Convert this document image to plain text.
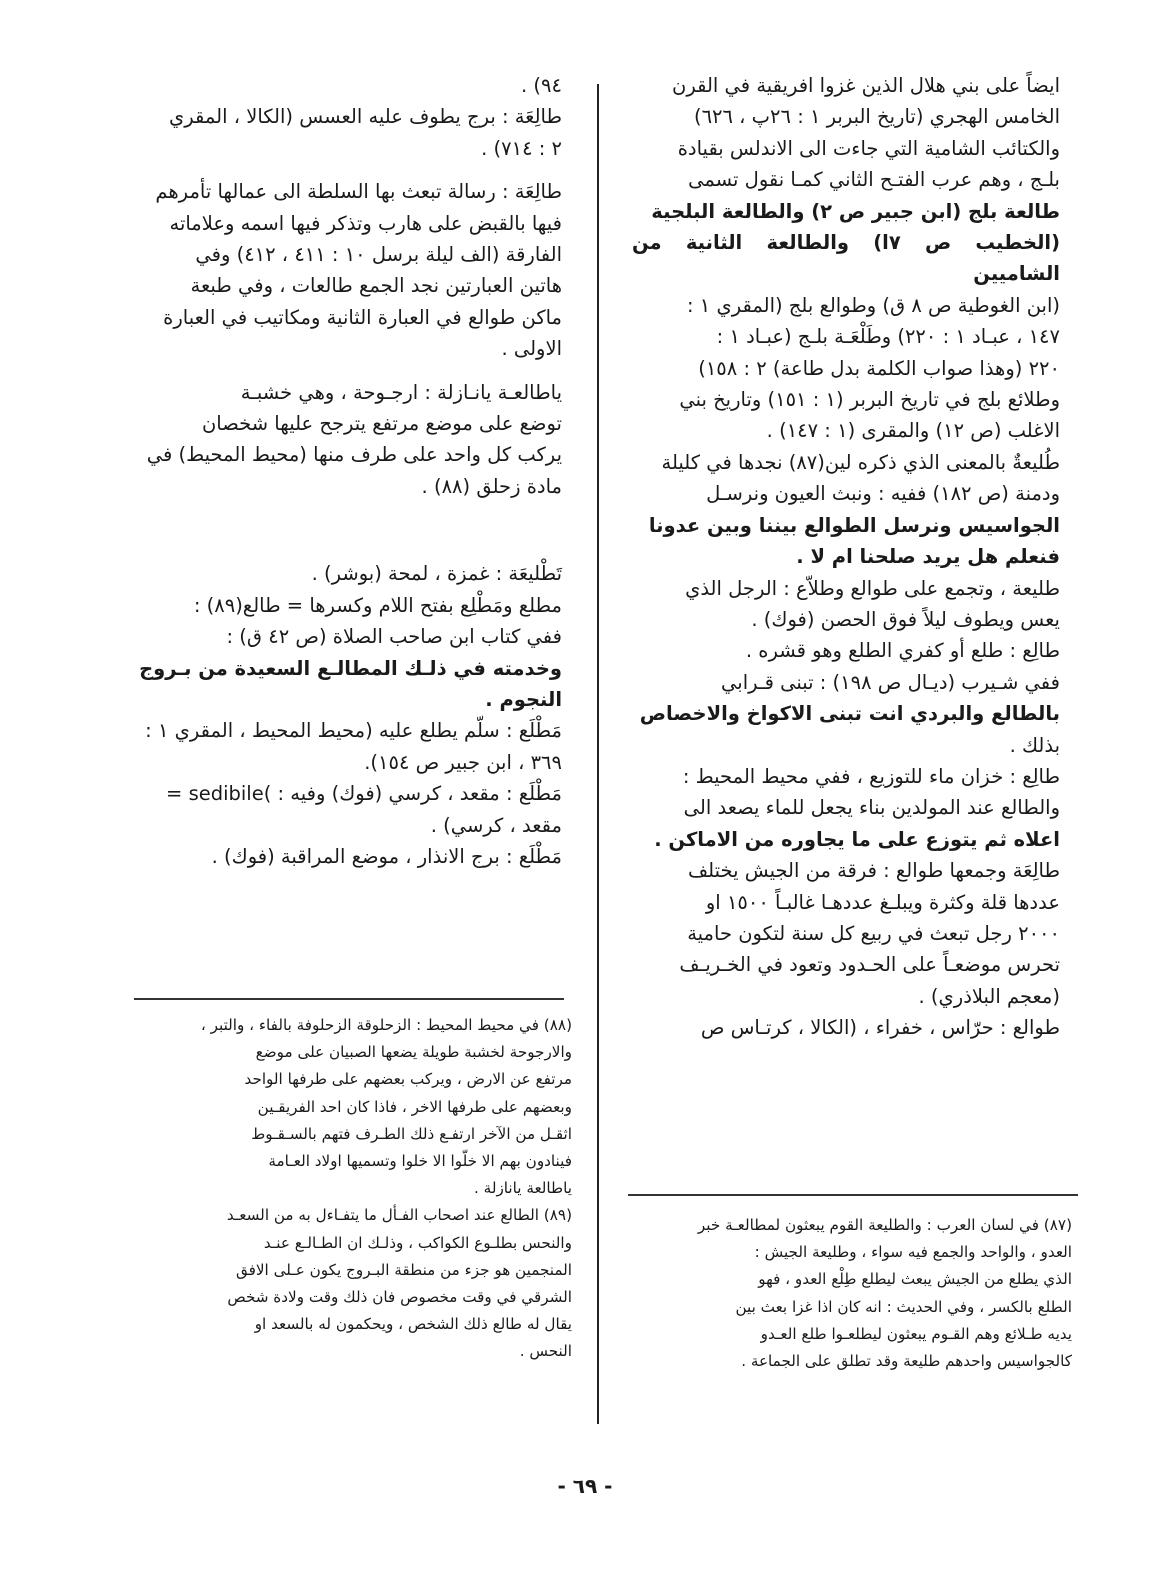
ايضاً على بني هلال الذين غزوا افريقية في القرن

الخامس الهجري (تاريخ البربر ١ : ٢٦پ ، ٦٢٦)

والكتائب الشامية التي جاءت الى الاندلس بقيادة

بلـج ، وهم عرب الفتـح الثاني كمـا نقول تسمى

طالعة بلج (ابن جبير ص ٢) والطالعة البلجية

(الخطيب ص ٧ا) والطالعة الثانية من الشاميين

(ابن الغوطية ص ٨ ق) وطوالع بلج (المقري ١ :

١٤٧ ، عبـاد ١ : ٢٢٠) وطَلْعَـة بلـج (عبـاد ١ :

٢٢٠ (وهذا صواب الكلمة بدل طاعة) ٢ : ١٥٨)

وطلائع بلج في تاريخ البربر (١ : ١٥١) وتاريخ بني

الاغلب (ص ١٢) والمقرى (١ : ١٤٧) .

طُليعةٌ بالمعنى الذي ذكره لين(٨٧) نجدها في كليلة

ودمنة (ص ١٨٢) ففيه : ونبث العيون ونرسـل

الجواسيس ونرسل الطوالع بيننا وبين عدونا

فنعلم هل يريد صلحنا ام لا .

طليعة ، وتجمع على طوالع وطلاّع : الرجل الذي

يعس ويطوف ليلاً فوق الحصن (فوك) .

طالِع : طلع أو كفري الطلع وهو قشره .

ففي شـيرب (ديـال ص ١٩٨) : تبنى قـرابي

بالطالع والبردي انت تبنى الاكواخ والاخصاص

بذلك .

طالِع : خزان ماء للتوزيع ، ففي محيط المحيط :

والطالع عند المولدين بناء يجعل للماء يصعد الى

اعلاه ثم يتوزع على ما يجاوره من الاماكن .

طالِعَة وجمعها طوالع : فرقة من الجيش يختلف

عددها قلة وكثرة ويبلـغ عددهـا غالبـاً ١٥٠٠ او

٢٠٠٠ رجل تبعث في ربيع كل سنة لتكون حامية

تحرس موضعـاً على الحـدود وتعود في الخـريـف

(معجم البلاذري) .

طوالع : حرّاس ، خفراء ، (الكالا ، كرتـاس ص

٩٤) .

طالِعَة : برج يطوف عليه العسس (الكالا ، المقري

٢ : ٧١٤) .

طالِعَة : رسالة تبعث بها السلطة الى عمالها تأمرهم

فيها بالقبض على هارب وتذكر فيها اسمه وعلاماته

الفارقة (الف ليلة برسل ١٠ : ٤١١ ، ٤١٢) وفي

هاتين العبارتين نجد الجمع طالعات ، وفي طبعة

ماكن طوالع في العبارة الثانية ومكاتيب في العبارة

الاولى .

ياطالعـة يانـازلة : ارجـوحة ، وهي خشبـة

توضع على موضع مرتفع يترجح عليها شخصان

يركب كل واحد على طرف منها (محيط المحيط) في

مادة زحلق (٨٨) .

تَطْليعَة : غمزة ، لمحة (بوشر) .

مطلع ومَطْلِع بفتح اللام وكسرها = طالع(٨٩) :

ففي كتاب ابن صاحب الصلاة (ص ٤٢ ق) :

وخدمته في ذلـك المطالـع السعيدة من بـروج

النجوم .

مَطْلَع : سلّم يطلع عليه (محيط المحيط ، المقري ١ :

٣٦٩ ، ابن جبير ص ١٥٤).

مَطْلَع : مقعد ، كرسي (فوك) وفيه : )sedibile =

مقعد ، كرسي) .

مَطْلَع : برج الانذار ، موضع المراقبة (فوك) .

(٨٨) في محيط المحيط : الزحلوقة الزحلوفة بالفاء ، والتبر ،
والارجوحة لخشبة طويلة يضعها الصبيان على موضع
مرتفع عن الارض ، ويركب بعضهم على طرفها الواحد
وبعضهم على طرفها الاخر ، فاذا كان احد الفريقـين
اثقـل من الآخر ارتفـع ذلك الطـرف فتهم بالسـقـوط
فينادون بهم الا خلّوا الا خلوا وتسميها اولاد العـامة
ياطالعة يانازلة .
(٨٩) الطالع عند اصحاب الفـأل ما يتفـاءل به من السعـد
والنحس بطلـوع الكواكب ، وذلـك ان الطـالـع عنـد
المنجمين هو جزء من منطقة البـروج يكون عـلى الافق
الشرقي في وقت مخصوص فان ذلك وقت ولادة شخص
يقال له طالع ذلك الشخص ، ويحكمون له بالسعد او
النحس .
(٨٧) في لسان العرب : والطليعة القوم يبعثون لمطالعـة خبر
العدو ، والواحد والجمع فيه سواء ، وطليعة الجيش :
الذي يطلع من الجيش يبعث ليطلع طِلْع العدو ، فهو
الطلع بالكسر ، وفي الحديث : انه كان اذا غزا بعث بين
يديه طـلائع وهم القـوم يبعثون ليطلعـوا طلع العـدو
كالجواسيس واحدهم طليعة وقد تطلق على الجماعة .
- ٦٩ -
